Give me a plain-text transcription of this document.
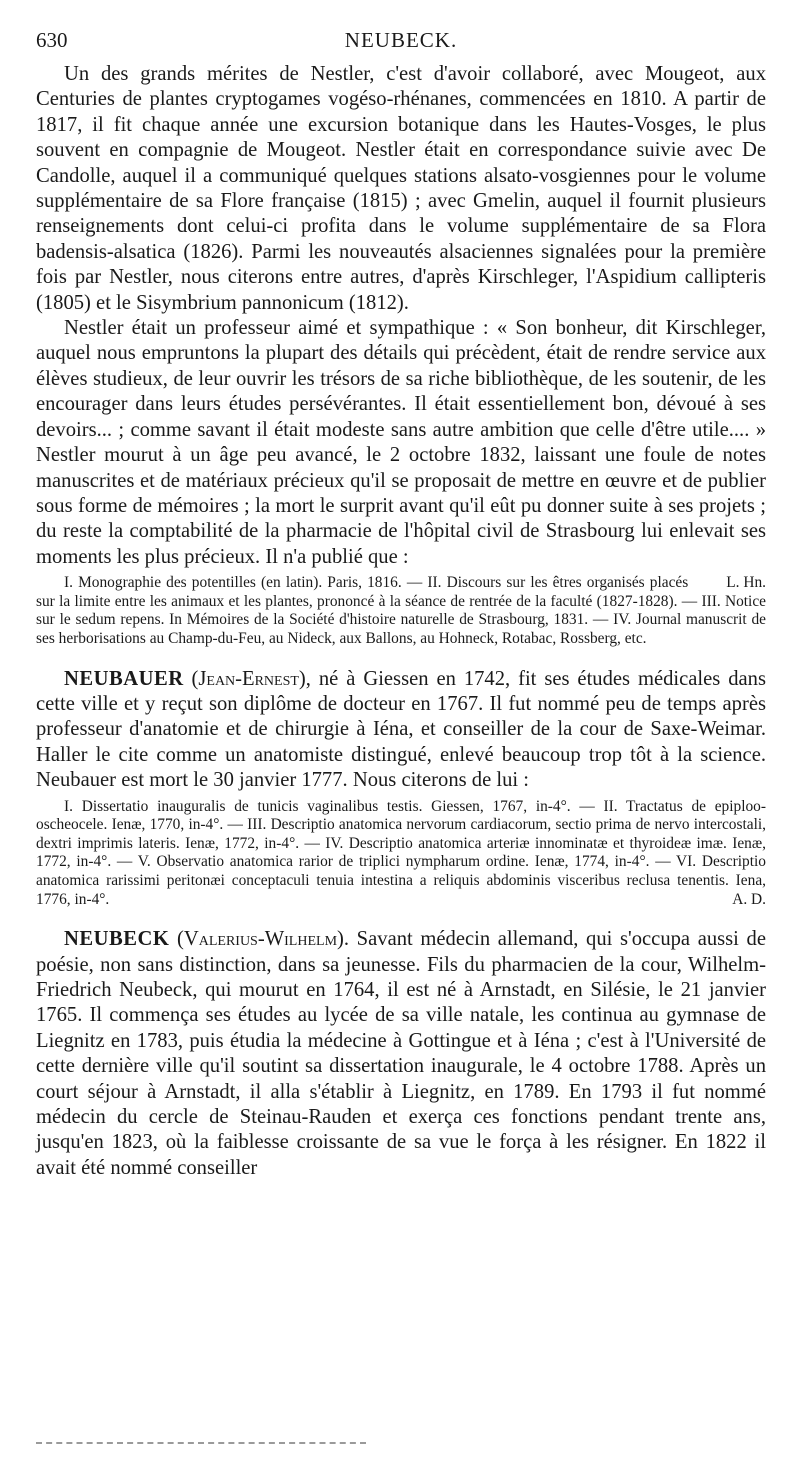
630	NEUBECK.

Un des grands mérites de Nestler, c'est d'avoir collaboré, avec Mougeot, aux Centuries de plantes cryptogames vogéso-rhénanes, commencées en 1810. A partir de 1817, il fit chaque année une excursion botanique dans les Hautes-Vosges, le plus souvent en compagnie de Mougeot. Nestler était en correspondance suivie avec De Candolle, auquel il a communiqué quelques stations alsato-vosgiennes pour le volume supplémentaire de sa Flore française (1815) ; avec Gmelin, auquel il fournit plusieurs renseignements dont celui-ci profita dans le volume supplémentaire de sa Flora badensis-alsatica (1826). Parmi les nouveautés alsaciennes signalées pour la première fois par Nestler, nous citerons entre autres, d'après Kirschleger, l'Aspidium callipteris (1805) et le Sisymbrium pannonicum (1812).

Nestler était un professeur aimé et sympathique : « Son bonheur, dit Kirschleger, auquel nous empruntons la plupart des détails qui précèdent, était de rendre service aux élèves studieux, de leur ouvrir les trésors de sa riche bibliothèque, de les soutenir, de les encourager dans leurs études persévérantes. Il était essentiellement bon, dévoué à ses devoirs... ; comme savant il était modeste sans autre ambition que celle d'être utile.... » Nestler mourut à un âge peu avancé, le 2 octobre 1832, laissant une foule de notes manuscrites et de matériaux précieux qu'il se proposait de mettre en œuvre et de publier sous forme de mémoires ; la mort le surprit avant qu'il eût pu donner suite à ses projets ; du reste la comptabilité de la pharmacie de l'hôpital civil de Strasbourg lui enlevait ses moments les plus précieux. Il n'a publié que :

L. Hn.
I. Monographie des potentilles (en latin). Paris, 1816. — II. Discours sur les êtres organisés placés sur la limite entre les animaux et les plantes, prononcé à la séance de rentrée de la faculté (1827-1828). — III. Notice sur le sedum repens. In Mémoires de la Société d'histoire naturelle de Strasbourg, 1831. — IV. Journal manuscrit de ses herborisations au Champ-du-Feu, au Nideck, aux Ballons, au Hohneck, Rotabac, Rossberg, etc.

NEUBAUER (Jean-Ernest), né à Giessen en 1742, fit ses études médicales dans cette ville et y reçut son diplôme de docteur en 1767. Il fut nommé peu de temps après professeur d'anatomie et de chirurgie à Iéna, et conseiller de la cour de Saxe-Weimar. Haller le cite comme un anatomiste distingué, enlevé beaucoup trop tôt à la science. Neubauer est mort le 30 janvier 1777. Nous citerons de lui :

I. Dissertatio inauguralis de tunicis vaginalibus testis. Giessen, 1767, in-4°. — II. Tractatus de epiploo-oscheocele. Ienæ, 1770, in-4°. — III. Descriptio anatomica nervorum cardiacorum, sectio prima de nervo intercostali, dextri imprimis lateris. Ienæ, 1772, in-4°. — IV. Descriptio anatomica arteriæ innominatæ et thyroideæ imæ. Ienæ, 1772, in-4°. — V. Observatio anatomica rarior de triplici nympharum ordine. Ienæ, 1774, in-4°. — VI. Descriptio anatomica rarissimi peritonæi conceptaculi tenuia intestina a reliquis abdominis visceribus reclusa tenentis. Iena, 1776, in-4°.	A. D.

NEUBECK (Valerius-Wilhelm). Savant médecin allemand, qui s'occupa aussi de poésie, non sans distinction, dans sa jeunesse. Fils du pharmacien de la cour, Wilhelm-Friedrich Neubeck, qui mourut en 1764, il est né à Arnstadt, en Silésie, le 21 janvier 1765. Il commença ses études au lycée de sa ville natale, les continua au gymnase de Liegnitz en 1783, puis étudia la médecine à Gottingue et à Iéna ; c'est à l'Université de cette dernière ville qu'il soutint sa dissertation inaugurale, le 4 octobre 1788. Après un court séjour à Arnstadt, il alla s'établir à Liegnitz, en 1789. En 1793 il fut nommé médecin du cercle de Steinau-Rauden et exerça ces fonctions pendant trente ans, jusqu'en 1823, où la faiblesse croissante de sa vue le força à les résigner. En 1822 il avait été nommé conseiller
